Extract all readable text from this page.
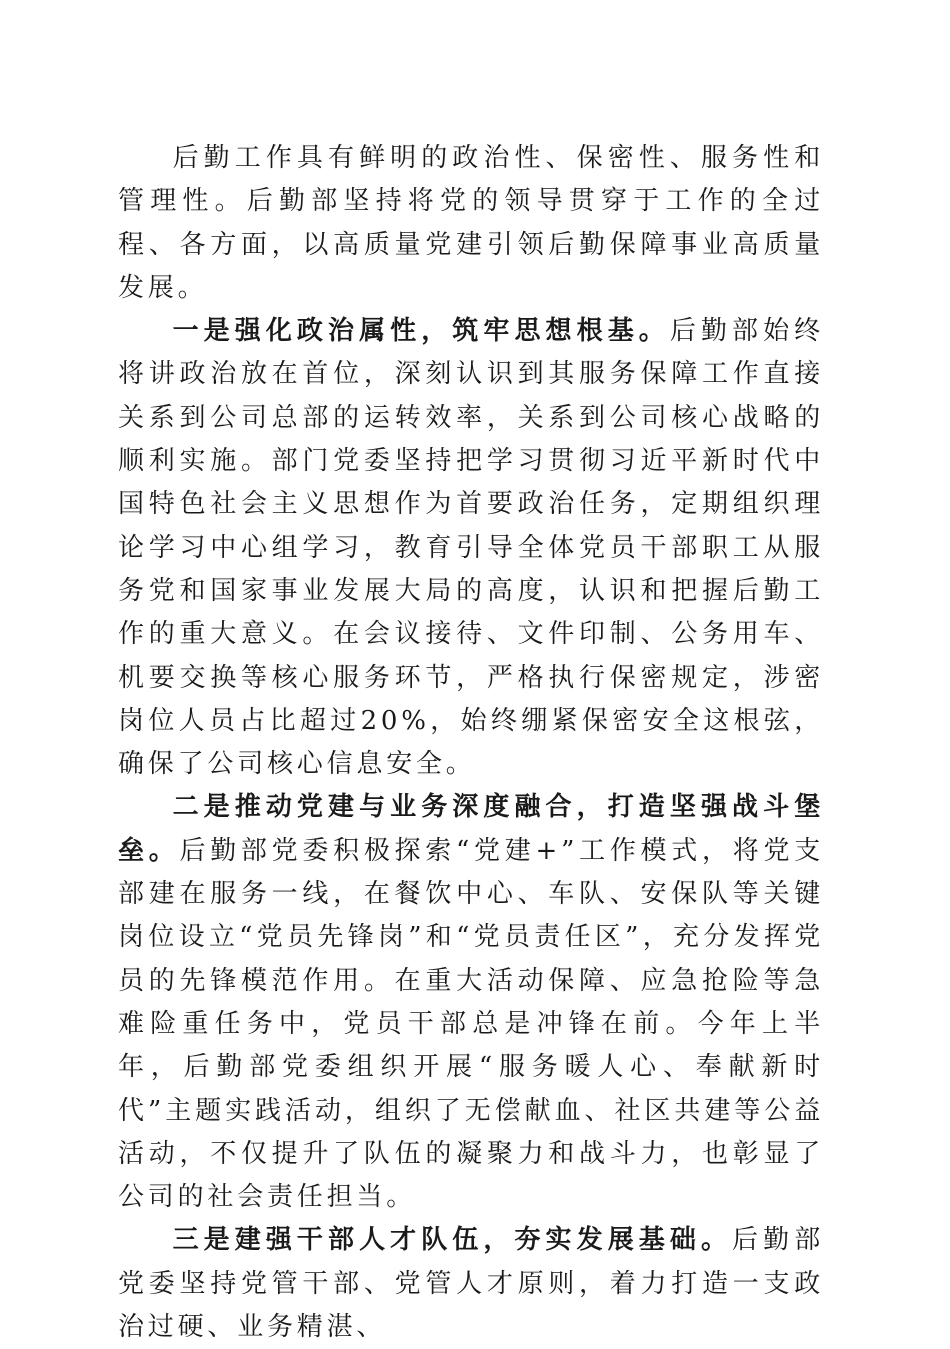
后勤工作具有鲜明的政治性、保密性、服务性和管理性。后勤部坚持将党的领导贯穿于工作的全过程、各方面，以高质量党建引领后勤保障事业高质量发展。

一是强化政治属性，筑牢思想根基。后勤部始终将讲政治放在首位，深刻认识到其服务保障工作直接关系到公司总部的运转效率，关系到公司核心战略的顺利实施。部门党委坚持把学习贯彻习近平新时代中国特色社会主义思想作为首要政治任务，定期组织理论学习中心组学习，教育引导全体党员干部职工从服务党和国家事业发展大局的高度，认识和把握后勤工作的重大意义。在会议接待、文件印制、公务用车、机要交换等核心服务环节，严格执行保密规定，涉密岗位人员占比超过20%，始终绷紧保密安全这根弦，确保了公司核心信息安全。

二是推动党建与业务深度融合，打造坚强战斗堡垒。后勤部党委积极探索“党建+”工作模式，将党支部建在服务一线，在餐饮中心、车队、安保队等关键岗位设立“党员先锋岗”和“党员责任区”，充分发挥党员的先锋模范作用。在重大活动保障、应急抢险等急难险重任务中，党员干部总是冲锋在前。今年上半年，后勤部党委组织开展“服务暖人心、奉献新时代”主题实践活动，组织了无偿献血、社区共建等公益活动，不仅提升了队伍的凝聚力和战斗力，也彰显了公司的社会责任担当。

三是建强干部人才队伍，夯实发展基础。后勤部党委坚持党管干部、党管人才原则，着力打造一支政治过硬、业务精湛、
